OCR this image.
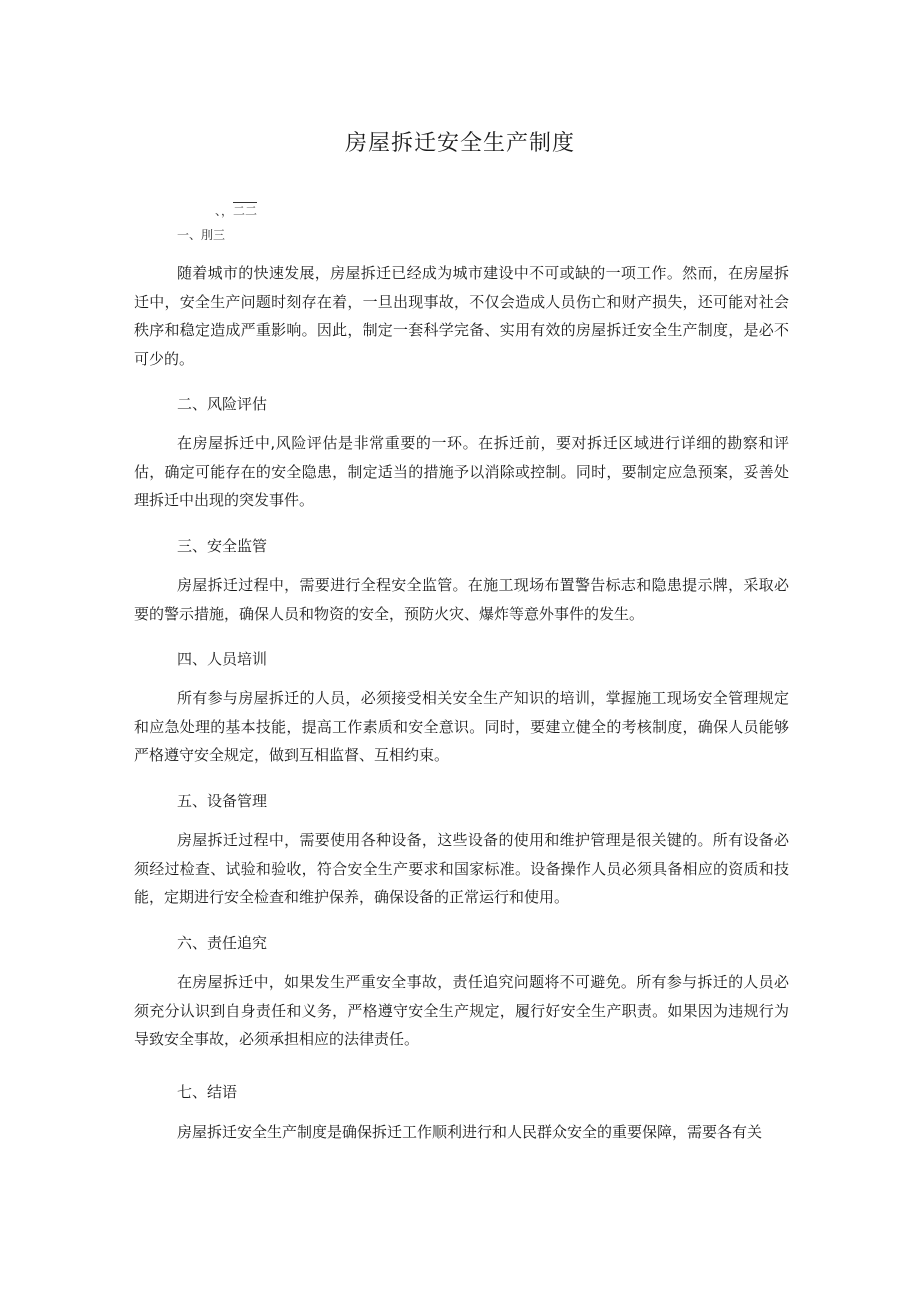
房屋拆迁安全生产制度
、，二二
一、刖三

随着城市的快速发展，房屋拆迁已经成为城市建设中不可或缺的一项工作。然而，在房屋拆迁中，安全生产问题时刻存在着，一旦出现事故，不仅会造成人员伤亡和财产损失，还可能对社会秩序和稳定造成严重影响。因此，制定一套科学完备、实用有效的房屋拆迁安全生产制度，是必不可少的。

二、风险评估

在房屋拆迁中,风险评估是非常重要的一环。在拆迁前，要对拆迁区域进行详细的勘察和评估，确定可能存在的安全隐患，制定适当的措施予以消除或控制。同时，要制定应急预案，妥善处理拆迁中出现的突发事件。

三、安全监管

房屋拆迁过程中，需要进行全程安全监管。在施工现场布置警告标志和隐患提示牌，采取必要的警示措施，确保人员和物资的安全，预防火灾、爆炸等意外事件的发生。

四、人员培训

所有参与房屋拆迁的人员，必须接受相关安全生产知识的培训，掌握施工现场安全管理规定和应急处理的基本技能，提高工作素质和安全意识。同时，要建立健全的考核制度，确保人员能够严格遵守安全规定，做到互相监督、互相约束。

五、设备管理

房屋拆迁过程中，需要使用各种设备，这些设备的使用和维护管理是很关键的。所有设备必须经过检查、试验和验收，符合安全生产要求和国家标准。设备操作人员必须具备相应的资质和技能，定期进行安全检查和维护保养，确保设备的正常运行和使用。

六、责任追究

在房屋拆迁中，如果发生严重安全事故，责任追究问题将不可避免。所有参与拆迁的人员必须充分认识到自身责任和义务，严格遵守安全生产规定，履行好安全生产职责。如果因为违规行为导致安全事故，必须承担相应的法律责任。

七、结语

房屋拆迁安全生产制度是确保拆迁工作顺利进行和人民群众安全的重要保障，需要各有关
